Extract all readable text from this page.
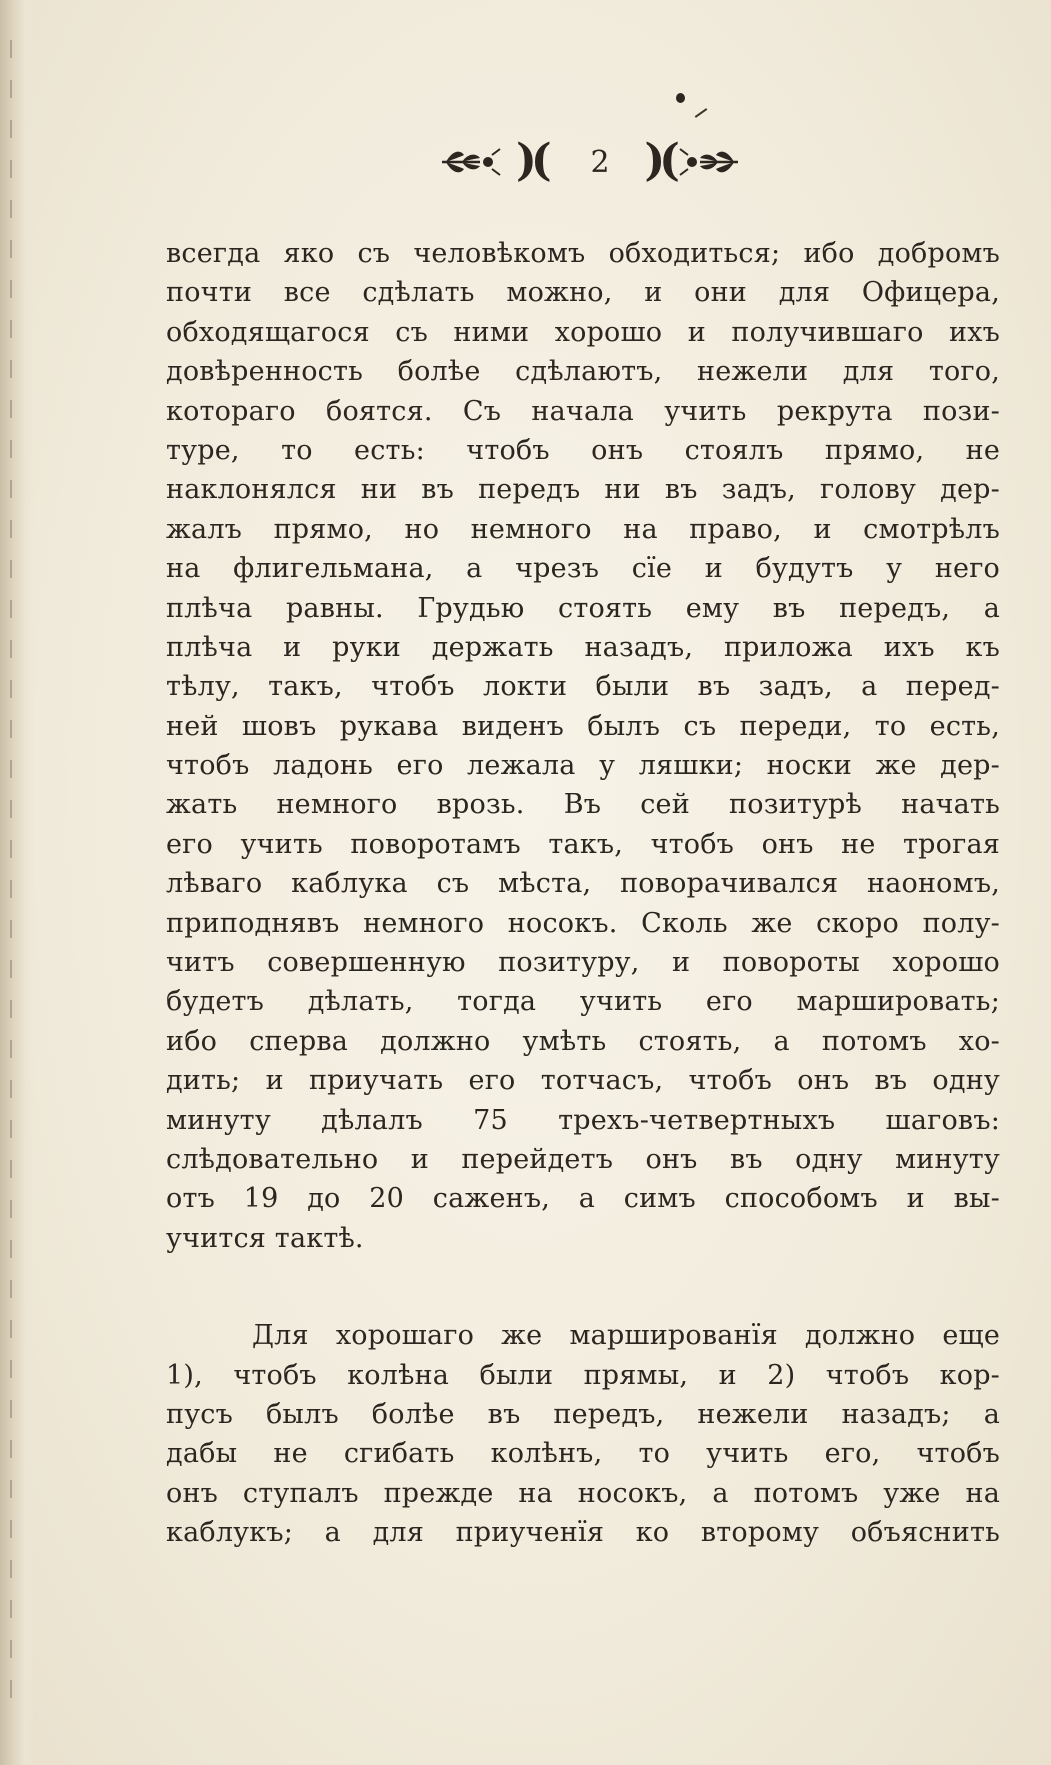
)( 2 )(
всегда яко съ человѣкомъ обходиться; ибо добромъ
почти все сдѣлать можно, и они для Офицера,
обходящагося съ ними хорошо и получившаго ихъ
довѣренность болѣе сдѣлаютъ, нежели для того,
котораго боятся. Съ начала учить рекрута пози-
туре, то есть: чтобъ онъ стоялъ прямо, не
наклонялся ни въ передъ ни въ задъ, голову дер-
жалъ прямо, но немного на право, и смотрѣлъ
на флигельмана, а чрезъ сїе и будутъ у него
плѣча равны. Грудью стоять ему въ передъ, а
плѣча и руки держать назадъ, приложа ихъ къ
тѣлу, такъ, чтобъ локти были въ задъ, а перед-
ней шовъ рукава виденъ былъ съ переди, то есть,
чтобъ ладонь его лежала у ляшки; носки же дер-
жать немного врозь. Въ сей позитурѣ начать
его учить поворотамъ такъ, чтобъ онъ не трогая
лѣваго каблука съ мѣста, поворачивался наономъ,
приподнявъ немного носокъ. Сколь же скоро полу-
читъ совершенную позитуру, и повороты хорошо
будетъ дѣлать, тогда учить его маршировать;
ибо сперва должно умѣть стоять, а потомъ хо-
дить; и приучать его тотчасъ, чтобъ онъ въ одну
минуту дѣлалъ 75 трехъ-четвертныхъ шаговъ:
слѣдовательно и перейдетъ онъ въ одну минуту
отъ 19 до 20 саженъ, а симъ способомъ и вы-
учится тактѣ.
Для хорошаго же маршированїя должно еще
1), чтобъ колѣна были прямы, и 2) чтобъ кор-
пусъ былъ болѣе въ передъ, нежели назадъ; а
дабы не сгибать колѣнъ, то учить его, чтобъ
онъ ступалъ прежде на носокъ, а потомъ уже на
каблукъ; а для приученїя ко второму объяснить
